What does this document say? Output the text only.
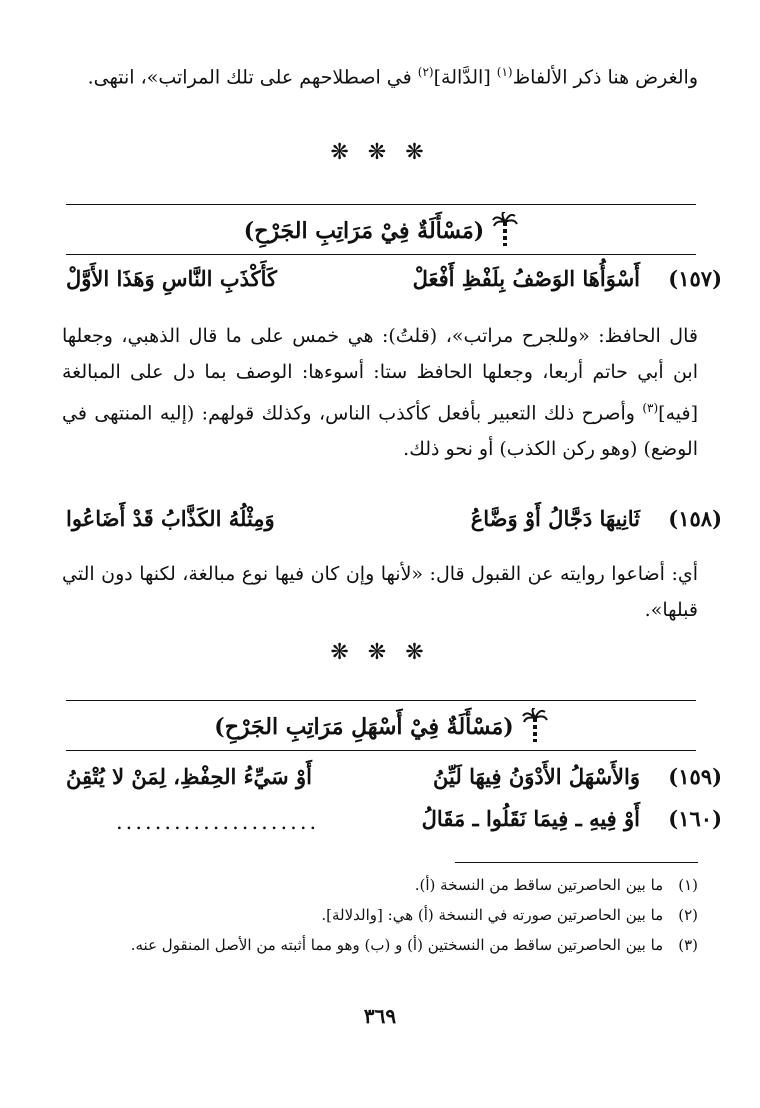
والغرض هنا ذكر الألفاظ$^{(١)}$ [الدَّالة]$^{(٢)}$ في اصطلاحهم على تلك المراتب»، انتهى.
❋ ❋ ❋
(مَسْأَلَةٌ فِيْ مَرَاتِبِ الجَرْحِ)
(١٥٧)
أَسْوَأُهَا الوَصْفُ بِلَفْظِ أَفْعَلْ
كَأَكْذَبِ النَّاسِ وَهَذَا الأَوَّلْ
قال الحافظ: «وللجرح مراتب»، (قلتُ): هي خمس على ما قال الذهبي، وجعلها ابن أبي حاتم أربعا، وجعلها الحافظ ستا: أسوءها: الوصف بما دل على المبالغة [فيه]$^{(٣)}$ وأصرح ذلك التعبير بأفعل كأكذب الناس، وكذلك قولهم: (إليه المنتهى في الوضع) (وهو ركن الكذب) أو نحو ذلك.
(١٥٨)
ثَانِيهَا دَجَّالُ أَوْ وَضَّاعُ
وَمِثْلُهُ الكَذَّابُ قَدْ أَضَاعُوا
أي: أضاعوا روايته عن القبول قال: «لأنها وإن كان فيها نوع مبالغة، لكنها دون التي قبلها».
❋ ❋ ❋
(مَسْأَلَةٌ فِيْ أَسْهَلِ مَرَاتِبِ الجَرْحِ)
(١٥٩)
وَالأَسْهَلُ الأَدْوَنُ فِيهَا لَيِّنُ
أَوْ سَيِّءُ الحِفْظِ، لِمَنْ لا يُتْقِنُ
(١٦٠)
أَوْ فِيهِ ـ فِيمَا نَقَلُوا ـ مَقَالُ
.....................
(١) ما بين الحاصرتين ساقط من النسخة (أ).
(٢) ما بين الحاصرتين صورته في النسخة (أ) هي: [والدلالة].
(٣) ما بين الحاصرتين ساقط من النسختين (أ) و (ب) وهو مما أثبته من الأصل المنقول عنه.
٣٦٩
